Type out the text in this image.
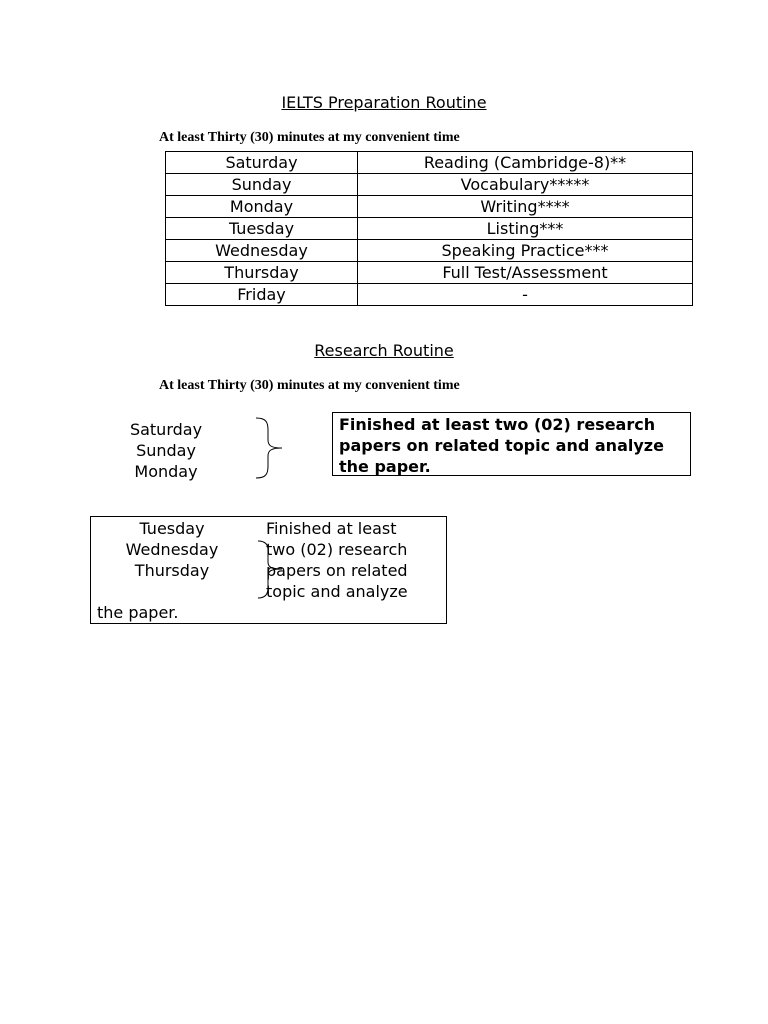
IELTS Preparation Routine
At least Thirty (30) minutes at my convenient time
Saturday	Reading (Cambridge-8)**
Sunday	Vocabulary*****
Monday	Writing****
Tuesday	Listing***
Wednesday	Speaking Practice***
Thursday	Full Test/Assessment
Friday	-
Research Routine
At least Thirty (30) minutes at my convenient time
Saturday
Sunday
Monday
Finished at least two (02) research papers on related topic and analyze the paper.
Tuesday
Wednesday
Thursday
Finished at least
two (02) research
papers on related
topic and analyze
the paper.
